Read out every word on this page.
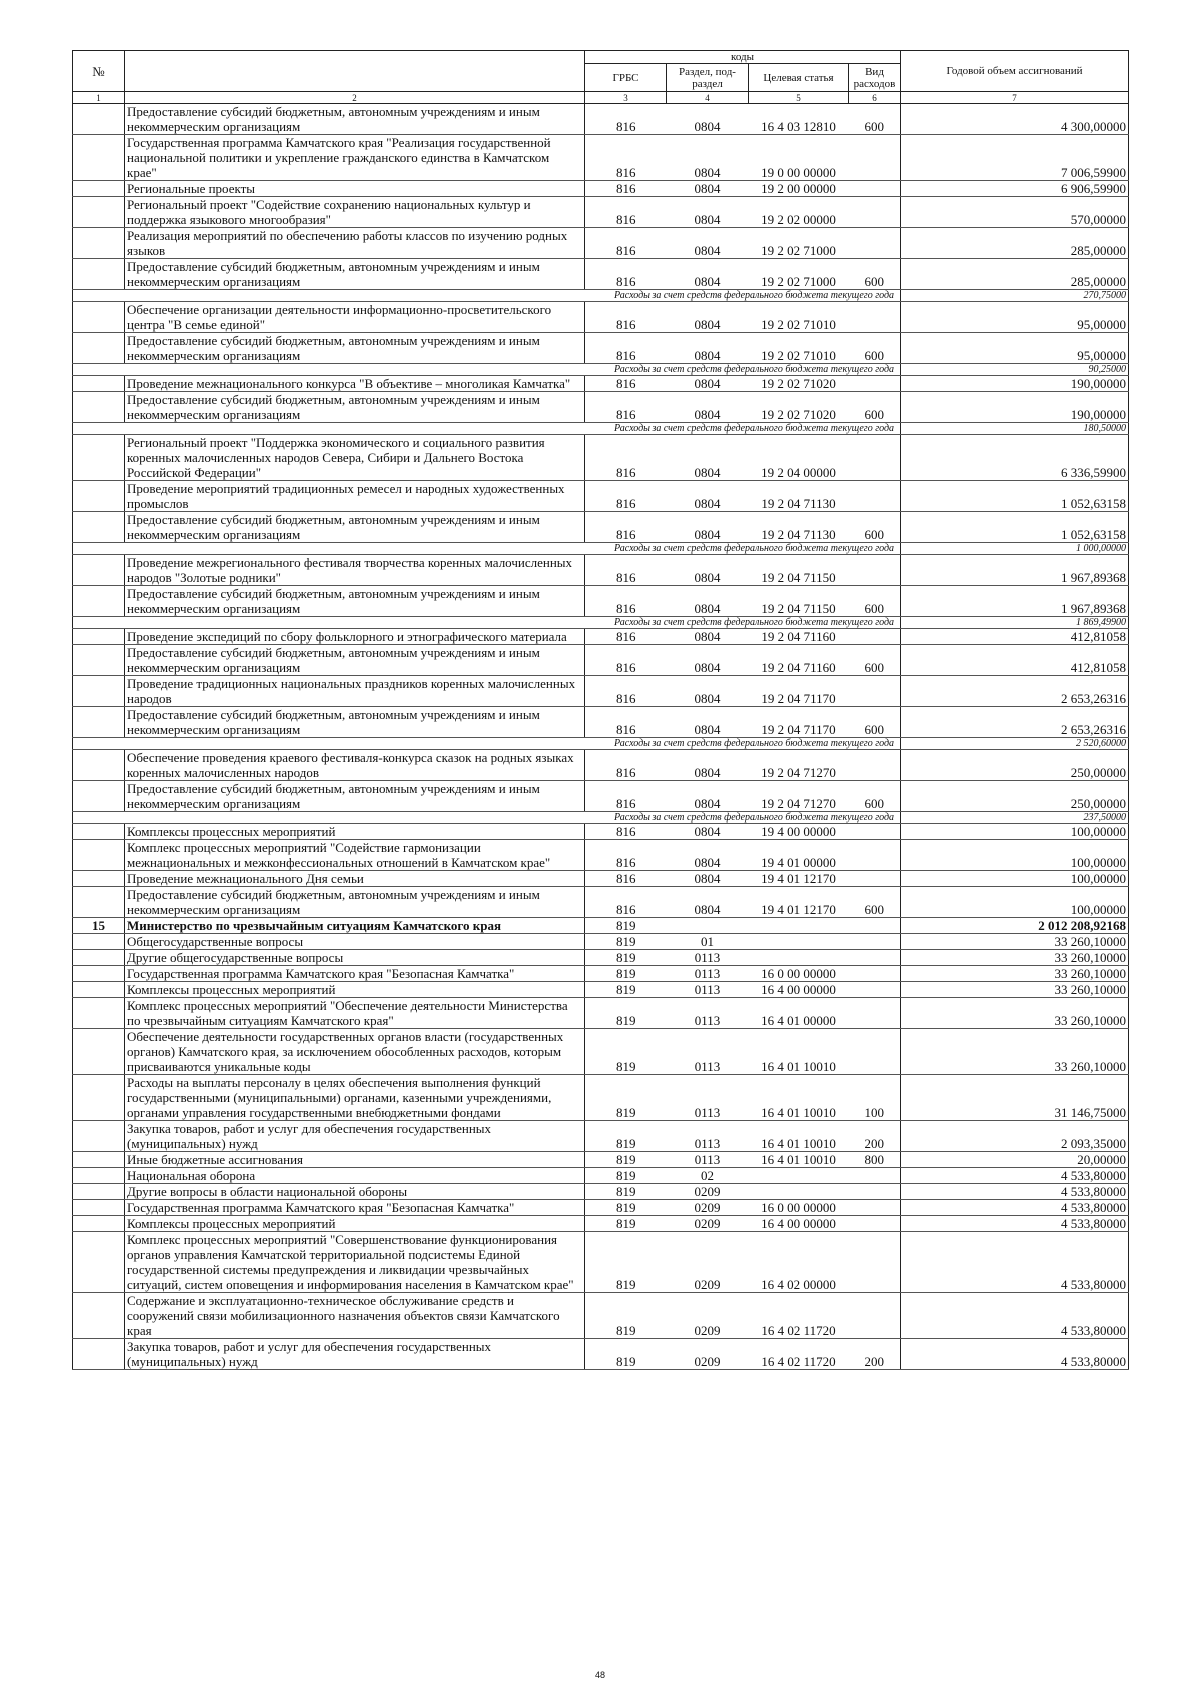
№		коды				Годовой объем ассигнований
		ГРБС	Раздел, под-раздел	Целевая статья	Вид расходов	
1	2	3	4	5	6	7
	Предоставление субсидий бюджетным, автономным учреждениям и иным некоммерческим организациям	816	0804	16 4 03 12810	600	4 300,00000
	Государственная программа Камчатского края "Реализация государственной национальной политики и укрепление гражданского единства в Камчатском крае"	816	0804	19 0 00 00000		7 006,59900
	Региональные проекты	816	0804	19 2 00 00000		6 906,59900
	Региональный проект "Содействие сохранению национальных культур и поддержка языкового многообразия"	816	0804	19 2 02 00000		570,00000
	Реализация мероприятий по обеспечению работы классов по изучению родных языков	816	0804	19 2 02 71000		285,00000
	Предоставление субсидий бюджетным, автономным учреждениям и иным некоммерческим организациям	816	0804	19 2 02 71000	600	285,00000
Расходы за счет средств федерального бюджета текущего года						270,75000
	Обеспечение организации деятельности информационно-просветительского центра "В семье единой"	816	0804	19 2 02 71010		95,00000
	Предоставление субсидий бюджетным, автономным учреждениям и иным некоммерческим организациям	816	0804	19 2 02 71010	600	95,00000
Расходы за счет средств федерального бюджета текущего года						90,25000
	Проведение межнационального конкурса "В объективе – многоликая Камчатка"	816	0804	19 2 02 71020		190,00000
	Предоставление субсидий бюджетным, автономным учреждениям и иным некоммерческим организациям	816	0804	19 2 02 71020	600	190,00000
Расходы за счет средств федерального бюджета текущего года						180,50000
	Региональный проект "Поддержка экономического и социального развития коренных малочисленных народов Севера, Сибири и Дальнего Востока Российской Федерации"	816	0804	19 2 04 00000		6 336,59900
	Проведение мероприятий традиционных ремесел и народных художественных промыслов	816	0804	19 2 04 71130		1 052,63158
	Предоставление субсидий бюджетным, автономным учреждениям и иным некоммерческим организациям	816	0804	19 2 04 71130	600	1 052,63158
Расходы за счет средств федерального бюджета текущего года						1 000,00000
	Проведение межрегионального фестиваля творчества коренных малочисленных народов "Золотые родники"	816	0804	19 2 04 71150		1 967,89368
	Предоставление субсидий бюджетным, автономным учреждениям и иным некоммерческим организациям	816	0804	19 2 04 71150	600	1 967,89368
Расходы за счет средств федерального бюджета текущего года						1 869,49900
	Проведение экспедиций по сбору фольклорного и этнографического материала	816	0804	19 2 04 71160		412,81058
	Предоставление субсидий бюджетным, автономным учреждениям и иным некоммерческим организациям	816	0804	19 2 04 71160	600	412,81058
	Проведение традиционных национальных праздников коренных малочисленных народов	816	0804	19 2 04 71170		2 653,26316
	Предоставление субсидий бюджетным, автономным учреждениям и иным некоммерческим организациям	816	0804	19 2 04 71170	600	2 653,26316
Расходы за счет средств федерального бюджета текущего года						2 520,60000
	Обеспечение проведения краевого фестиваля-конкурса сказок на родных языках коренных малочисленных народов	816	0804	19 2 04 71270		250,00000
	Предоставление субсидий бюджетным, автономным учреждениям и иным некоммерческим организациям	816	0804	19 2 04 71270	600	250,00000
Расходы за счет средств федерального бюджета текущего года						237,50000
	Комплексы процессных мероприятий	816	0804	19 4 00 00000		100,00000
	Комплекс процессных мероприятий "Содействие гармонизации межнациональных и межконфессиональных отношений в Камчатском крае"	816	0804	19 4 01 00000		100,00000
	Проведение межнационального Дня семьи	816	0804	19 4 01 12170		100,00000
	Предоставление субсидий бюджетным, автономным учреждениям и иным некоммерческим организациям	816	0804	19 4 01 12170	600	100,00000
15	Министерство по чрезвычайным ситуациям Камчатского края	819				2 012 208,92168
	Общегосударственные вопросы	819	01			33 260,10000
	Другие общегосударственные вопросы	819	0113			33 260,10000
	Государственная программа Камчатского края "Безопасная Камчатка"	819	0113	16 0 00 00000		33 260,10000
	Комплексы процессных мероприятий	819	0113	16 4 00 00000		33 260,10000
	Комплекс процессных мероприятий "Обеспечение деятельности Министерства по чрезвычайным ситуациям Камчатского края"	819	0113	16 4 01 00000		33 260,10000
	Обеспечение деятельности государственных органов власти (государственных органов) Камчатского края, за исключением обособленных расходов, которым присваиваются уникальные коды	819	0113	16 4 01 10010		33 260,10000
	Расходы на выплаты персоналу в целях обеспечения выполнения функций государственными (муниципальными) органами, казенными учреждениями, органами управления государственными внебюджетными фондами	819	0113	16 4 01 10010	100	31 146,75000
	Закупка товаров, работ и услуг для обеспечения государственных (муниципальных) нужд	819	0113	16 4 01 10010	200	2 093,35000
	Иные бюджетные ассигнования	819	0113	16 4 01 10010	800	20,00000
	Национальная оборона	819	02			4 533,80000
	Другие вопросы в области национальной обороны	819	0209			4 533,80000
	Государственная программа Камчатского края "Безопасная Камчатка"	819	0209	16 0 00 00000		4 533,80000
	Комплексы процессных мероприятий	819	0209	16 4 00 00000		4 533,80000
	Комплекс процессных мероприятий "Совершенствование функционирования органов управления Камчатской территориальной подсистемы Единой государственной системы предупреждения и ликвидации чрезвычайных ситуаций, систем оповещения и информирования населения в Камчатском крае"	819	0209	16 4 02 00000		4 533,80000
	Содержание и эксплуатационно-техническое обслуживание средств и сооружений связи мобилизационного назначения объектов связи Камчатского края	819	0209	16 4 02 11720		4 533,80000
	Закупка товаров, работ и услуг для обеспечения государственных (муниципальных) нужд	819	0209	16 4 02 11720	200	4 533,80000
48
